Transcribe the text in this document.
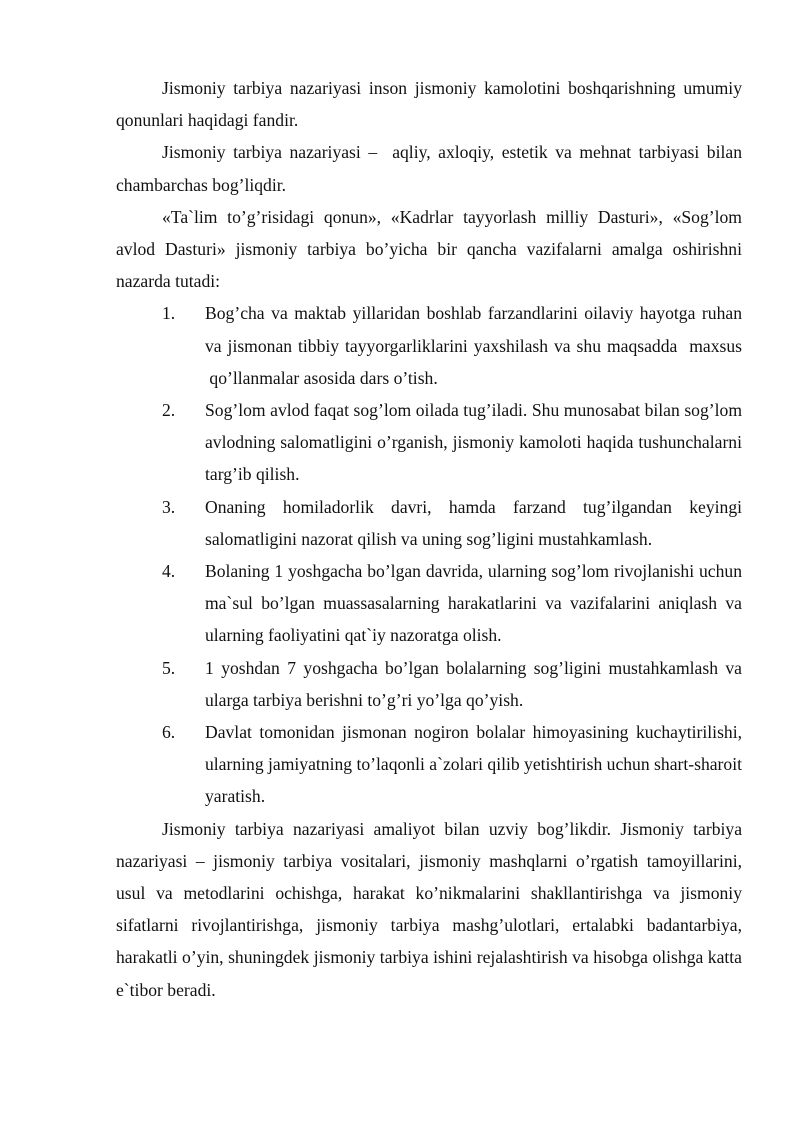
Jismoniy tarbiya nazariyasi inson jismoniy kamolotini boshqarishning umumiy qonunlari haqidagi fandir.

Jismoniy tarbiya nazariyasi –  aqliy, axloqiy, estetik va mehnat tarbiyasi bilan chambarchas bog’liqdir.

«Ta`lim to’g’risidagi qonun», «Kadrlar tayyorlash milliy Dasturi», «Sog’lom avlod Dasturi» jismoniy tarbiya bo’yicha bir qancha vazifalarni amalga oshirishni nazarda tutadi:

1. Bog’cha va maktab yillaridan boshlab farzandlarini oilaviy hayotga ruhan va jismonan tibbiy tayyorgarliklarini yaxshilash va shu maqsadda  maxsus  qo’llanmalar asosida dars o’tish.
2. Sog’lom avlod faqat sog’lom oilada tug’iladi. Shu munosabat bilan sog’lom avlodning salomatligini o’rganish, jismoniy kamoloti haqida tushunchalarni targ’ib qilish.
3. Onaning homiladorlik davri, hamda farzand tug’ilgandan keyingi salomatligini nazorat qilish va uning sog’ligini mustahkamlash.
4. Bolaning 1 yoshgacha bo’lgan davrida, ularning sog’lom rivojlanishi uchun ma`sul bo’lgan muassasalarning harakatlarini va vazifalarini aniqlash va ularning faoliyatini qat`iy nazoratga olish.
5. 1 yoshdan 7 yoshgacha bo’lgan bolalarning sog’ligini mustahkamlash va ularga tarbiya berishni to’g’ri yo’lga qo’yish.
6. Davlat tomonidan jismonan nogiron bolalar himoyasining kuchaytirilishi, ularning jamiyatning to’laqonli a`zolari qilib yetishtirish uchun shart-sharoit yaratish.

Jismoniy tarbiya nazariyasi amaliyot bilan uzviy bog’likdir. Jismoniy tarbiya nazariyasi – jismoniy tarbiya vositalari, jismoniy mashqlarni o’rgatish tamoyillarini, usul va metodlarini ochishga, harakat ko’nikmalarini shakllantirishga va jismoniy sifatlarni rivojlantirishga, jismoniy tarbiya mashg’ulotlari, ertalabki badantarbiya, harakatli o’yin, shuningdek jismoniy tarbiya ishini rejalashtirish va hisobga olishga katta e`tibor beradi.
